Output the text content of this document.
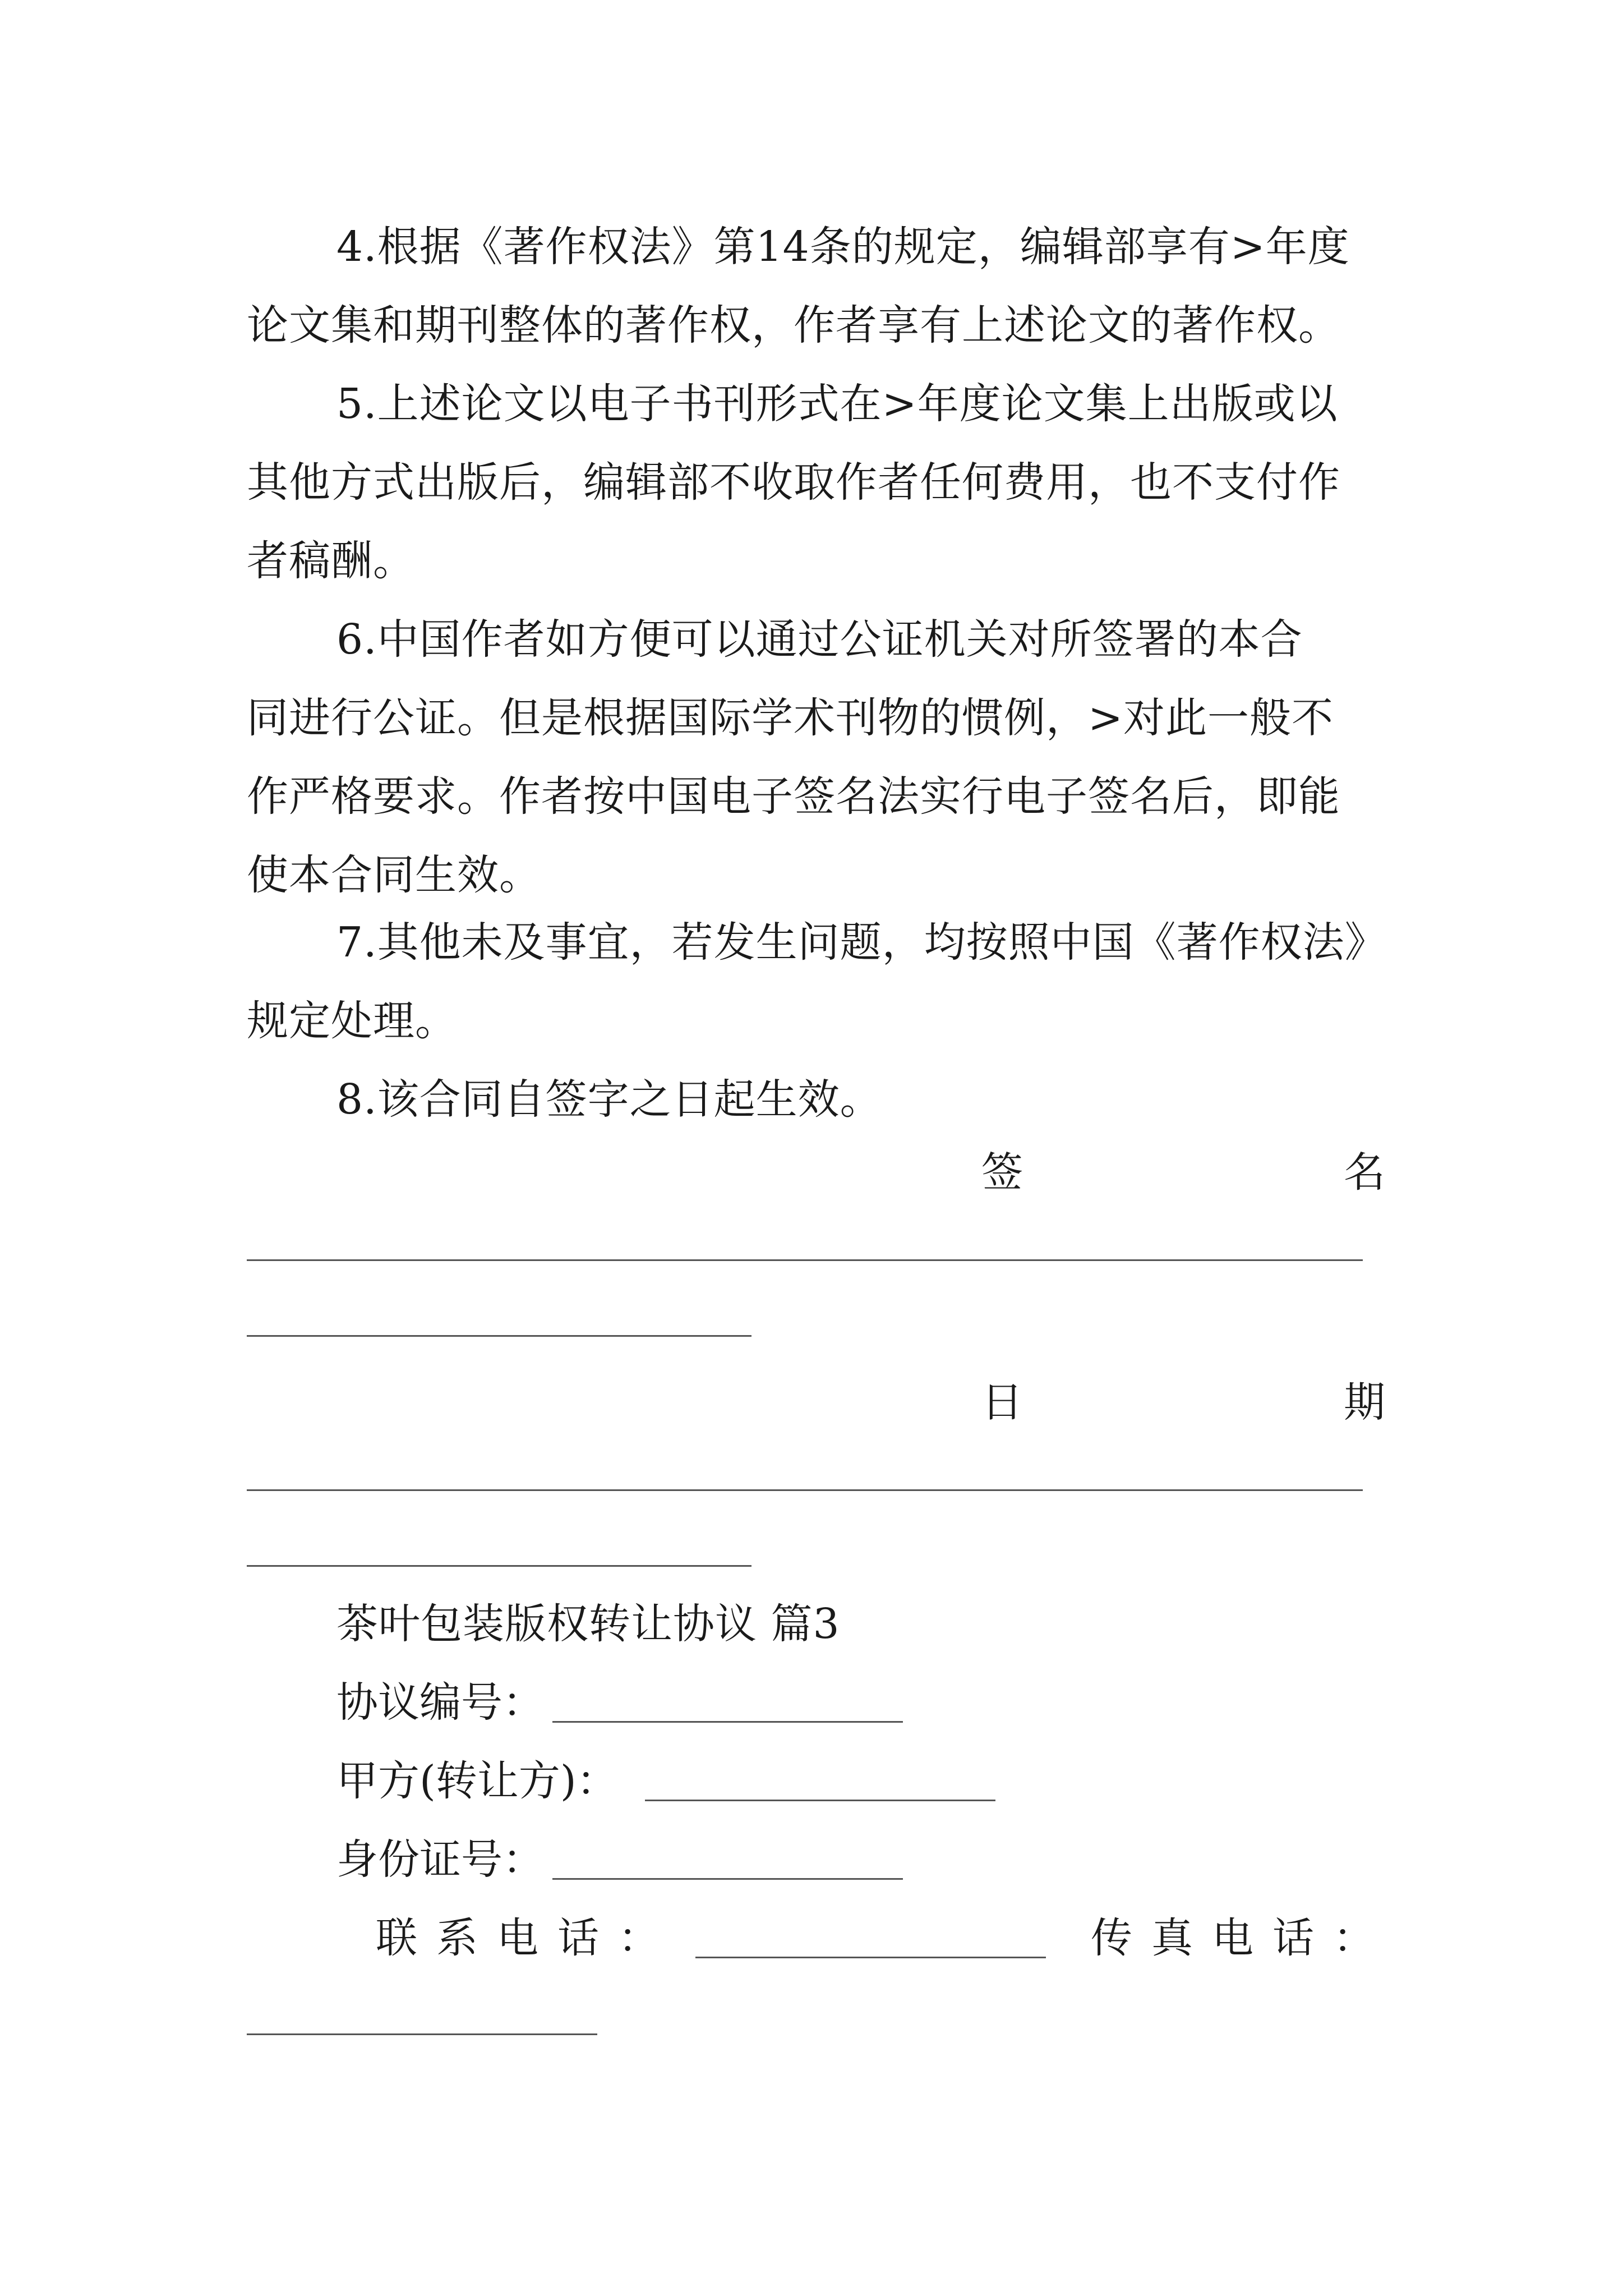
4.根据《著作权法》第14条的规定，编辑部享有>年度
论文集和期刊整体的著作权，作者享有上述论文的著作权。
5.上述论文以电子书刊形式在>年度论文集上出版或以
其他方式出版后，编辑部不收取作者任何费用，也不支付作
者稿酬。
6.中国作者如方便可以通过公证机关对所签署的本合
同进行公证。但是根据国际学术刊物的惯例，>对此一般不
作严格要求。作者按中国电子签名法实行电子签名后，即能
使本合同生效。
7.其他未及事宜，若发生问题，均按照中国《著作权法》
规定处理。
8.该合同自签字之日起生效。
签	名
日	期
茶叶包装版权转让协议 篇3
协议编号：
甲方(转让方)：
身份证号：
联系电话：	传真电话：
